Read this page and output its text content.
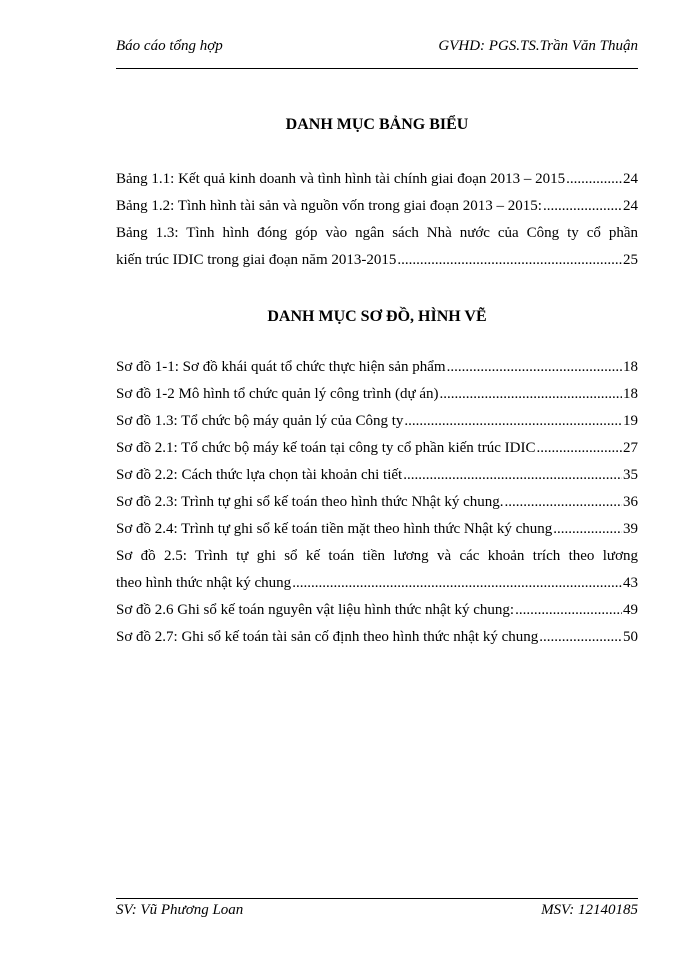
Báo cáo tổng hợp	GVHD: PGS.TS.Trần Văn Thuận
DANH MỤC BẢNG BIỂU
Bảng 1.1: Kết quả kinh doanh và tình hình tài chính giai đoạn 2013 – 2015 .....	24
Bảng 1.2: Tình hình tài sản và nguồn vốn trong giai đoạn 2013 – 2015: .....	24
Bảng 1.3: Tình hình đóng góp vào ngân sách Nhà nước của Công ty cổ phần
kiến trúc IDIC trong giai đoạn năm 2013-2015 .....	25
DANH MỤC SƠ ĐỒ, HÌNH VẼ
Sơ đồ 1-1: Sơ đồ khái quát tổ chức thực hiện sản phẩm .....	18
Sơ đồ 1-2 Mô hình tổ chức quản lý công trình (dự án) .....	18
Sơ đồ 1.3: Tổ chức bộ máy quản lý của Công ty .....	19
Sơ đồ 2.1: Tổ chức bộ máy kế toán tại công ty cổ phần kiến trúc IDIC .....	27
Sơ đồ 2.2: Cách thức lựa chọn tài khoản chi tiết .....	35
Sơ đồ 2.3: Trình tự ghi sổ kế toán theo hình thức Nhật ký chung. .....	36
Sơ đồ 2.4: Trình tự ghi sổ kế toán tiền mặt theo hình thức Nhật ký chung .....	39
Sơ đồ 2.5: Trình tự ghi sổ kế toán tiền lương và các khoản trích theo lương
theo hình thức nhật ký chung .....	43
Sơ đồ 2.6 Ghi sổ kế toán nguyên vật liệu hình thức nhật ký chung: .....	49
Sơ đồ 2.7: Ghi sổ kế toán tài sản cố định theo hình thức nhật ký chung .....	50
SV: Vũ Phương Loan	MSV: 12140185
